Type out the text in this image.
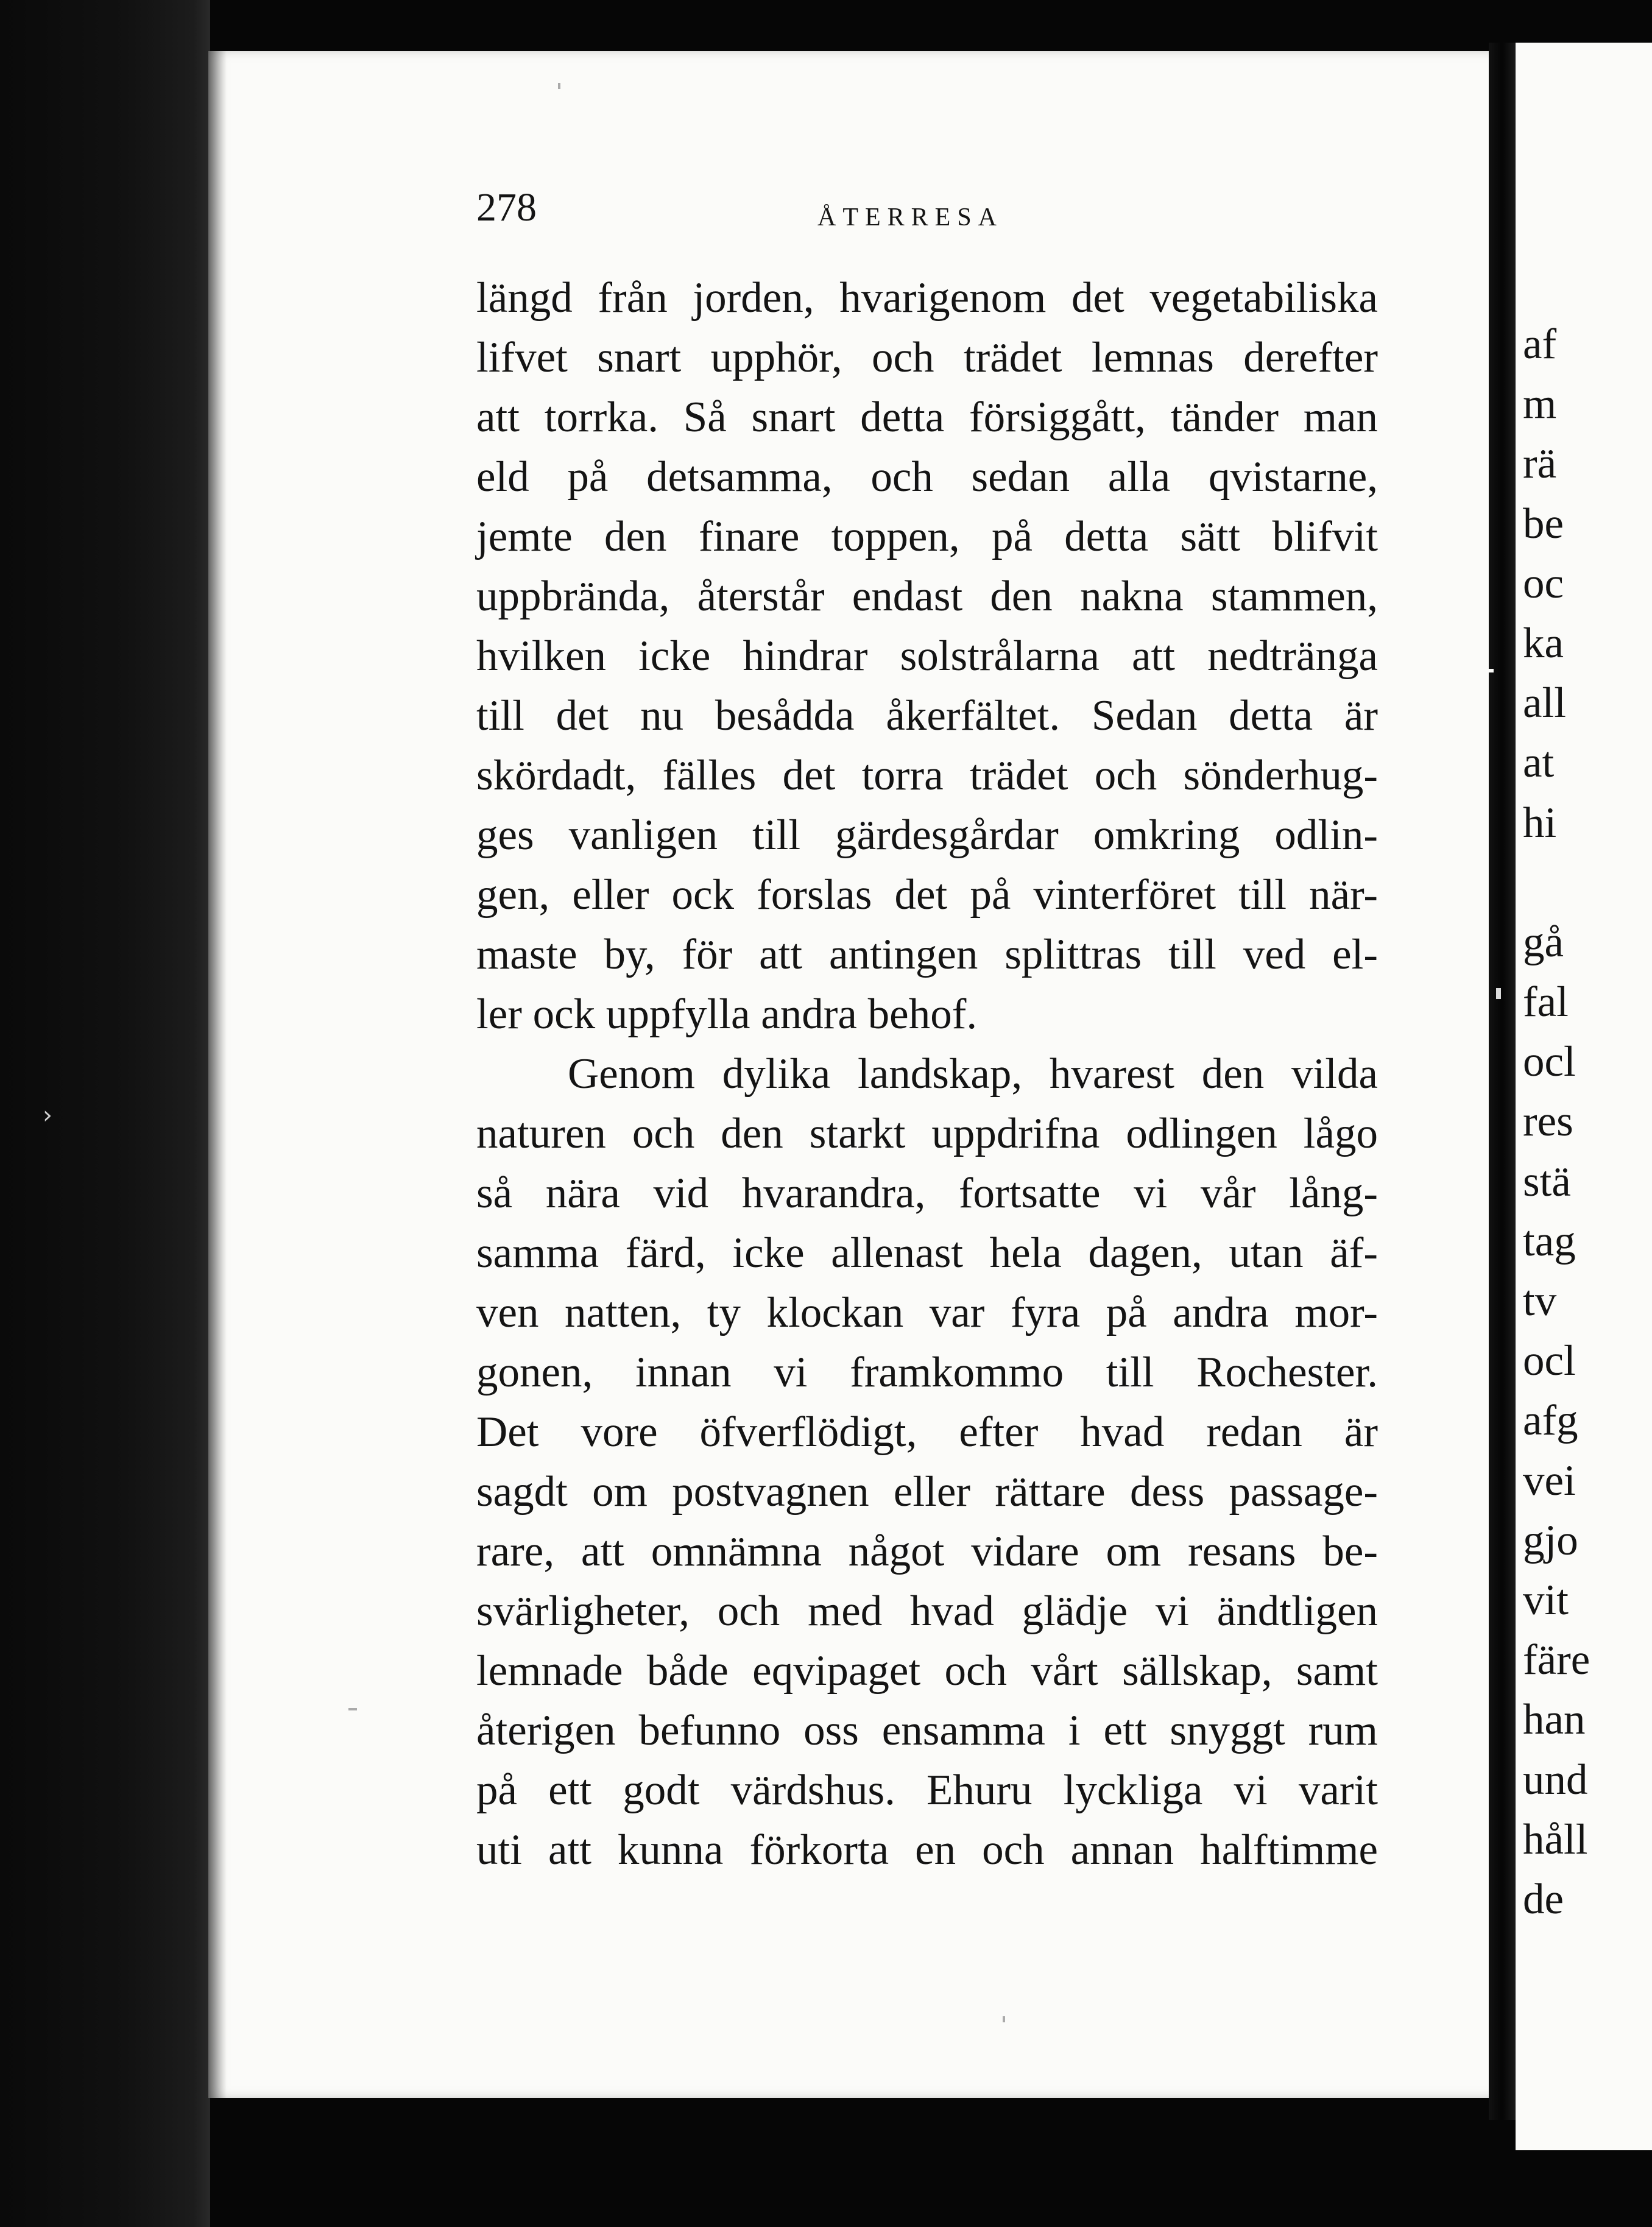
›
278	ÅTERRESA
längd från jorden, hvarigenom det vegetabiliska
lifvet snart upphör, och trädet lemnas derefter
att torrka. Så snart detta försiggått, tänder man
eld på detsamma, och sedan alla qvistarne,
jemte den finare toppen, på detta sätt blifvit
uppbrända, återstår endast den nakna stammen,
hvilken icke hindrar solstrålarna att nedtränga
till det nu besådda åkerfältet. Sedan detta är
skördadt, fälles det torra trädet och sönderhug-
ges vanligen till gärdesgårdar omkring odlin-
gen, eller ock forslas det på vinterföret till när-
maste by, för att antingen splittras till ved el-
ler ock uppfylla andra behof.
Genom dylika landskap, hvarest den vilda
naturen och den starkt uppdrifna odlingen lågo
så nära vid hvarandra, fortsatte vi vår lång-
samma färd, icke allenast hela dagen, utan äf-
ven natten, ty klockan var fyra på andra mor-
gonen, innan vi framkommo till Rochester.
Det vore öfverflödigt, efter hvad redan är
sagdt om postvagnen eller rättare dess passage-
rare, att omnämna något vidare om resans be-
svärligheter, och med hvad glädje vi ändtligen
lemnade både eqvipaget och vårt sällskap, samt
återigen befunno oss ensamma i ett snyggt rum
på ett godt värdshus. Ehuru lyckliga vi varit
uti att kunna förkorta en och annan halftimme
af
m
rä
be
oc
ka
all
at
hi
gå
fal
ocl
res
stä
tag
tv
ocl
afg
vei
gjo
vit
färe
han
und
håll
de
